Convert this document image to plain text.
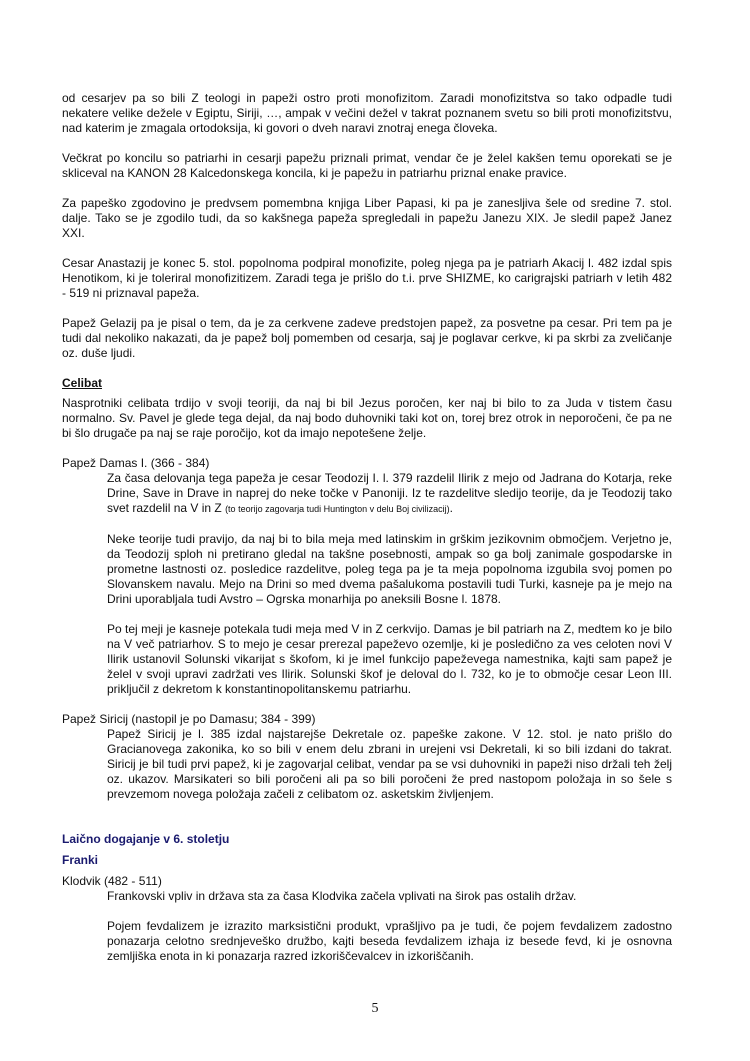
od cesarjev pa so bili Z teologi in papeži ostro proti monofizitom. Zaradi monofizitstva so tako odpadle tudi nekatere velike dežele v Egiptu, Siriji, …, ampak v večini dežel v takrat poznanem svetu so bili proti monofizitstvu, nad katerim je zmagala ortodoksija, ki govori o dveh naravi znotraj enega človeka.

Večkrat po koncilu so patriarhi in cesarji papežu priznali primat, vendar če je želel kakšen temu oporekati se je skliceval na KANON 28 Kalcedonskega koncila, ki je papežu in patriarhu priznal enake pravice.

Za papeško zgodovino je predvsem pomembna knjiga Liber Papasi, ki pa je zanesljiva šele od sredine 7. stol. dalje. Tako se je zgodilo tudi, da so kakšnega papeža spregledali in papežu Janezu XIX. Je sledil papež Janez XXI.

Cesar Anastazij je konec 5. stol. popolnoma podpiral monofizite, poleg njega pa je patriarh Akacij l. 482 izdal spis Henotikom, ki je toleriral monofizitizem. Zaradi tega je prišlo do t.i. prve SHIZME, ko carigrajski patriarh v letih 482 - 519 ni priznaval papeža.

Papež Gelazij pa je pisal o tem, da je za cerkvene zadeve predstojen papež, za posvetne pa cesar. Pri tem pa je tudi dal nekoliko nakazati, da je papež bolj pomemben od cesarja, saj je poglavar cerkve, ki pa skrbi za zveličanje oz. duše ljudi.

Celibat

Nasprotniki celibata trdijo v svoji teoriji, da naj bi bil Jezus poročen, ker naj bi bilo to za Juda v tistem času normalno. Sv. Pavel je glede tega dejal, da naj bodo duhovniki taki kot on, torej brez otrok in neporočeni, če pa ne bi šlo drugače pa naj se raje poročijo, kot da imajo nepotešene želje.

Papež Damas I. (366 - 384)

Za časa delovanja tega papeža je cesar Teodozij I. l. 379 razdelil Ilirik z mejo od Jadrana do Kotarja, reke Drine, Save in Drave in naprej do neke točke v Panoniji. Iz te razdelitve sledijo teorije, da je Teodozij tako svet razdelil na V in Z (to teorijo zagovarja tudi Huntington v delu Boj civilizacij).

Neke teorije tudi pravijo, da naj bi to bila meja med latinskim in grškim jezikovnim območjem. Verjetno je, da Teodozij sploh ni pretirano gledal na takšne posebnosti, ampak so ga bolj zanimale gospodarske in prometne lastnosti oz. posledice razdelitve, poleg tega pa je ta meja popolnoma izgubila svoj pomen po Slovanskem navalu. Mejo na Drini so med dvema pašalukoma postavili tudi Turki, kasneje pa je mejo na Drini uporabljala tudi Avstro – Ogrska monarhija po aneksili Bosne l. 1878.

Po tej meji je kasneje potekala tudi meja med V in Z cerkvijo. Damas je bil patriarh na Z, medtem ko je bilo na V več patriarhov. S to mejo je cesar prerezal papeževo ozemlje, ki je posledično za ves celoten novi V Ilirik ustanovil Solunski vikarijat s škofom, ki je imel funkcijo papeževega namestnika, kajti sam papež je želel v svoji upravi zadržati ves Ilirik. Solunski škof je deloval do l. 732, ko je to območje cesar Leon III. priključil z dekretom k konstantinopolitanskemu patriarhu.

Papež Siricij (nastopil je po Damasu; 384 - 399)

Papež Siricij je l. 385 izdal najstarejše Dekretale oz. papeške zakone. V 12. stol. je nato prišlo do Gracianovega zakonika, ko so bili v enem delu zbrani in urejeni vsi Dekretali, ki so bili izdani do takrat. Siricij je bil tudi prvi papež, ki je zagovarjal celibat, vendar pa se vsi duhovniki in papeži niso držali teh želj oz. ukazov. Marsikateri so bili poročeni ali pa so bili poročeni že pred nastopom položaja in so šele s prevzemom novega položaja začeli z celibatom oz. asketskim življenjem.

Laično dogajanje v 6. stoletju
Franki
Klodvik (482 - 511)

Frankovski vpliv in država sta za časa Klodvika začela vplivati na širok pas ostalih držav.

Pojem fevdalizem je izrazito marksistični produkt, vprašljivo pa je tudi, če pojem fevdalizem zadostno ponazarja celotno srednjeveško družbo, kajti beseda fevdalizem izhaja iz besede fevd, ki je osnovna zemljiška enota in ki ponazarja razred izkoriščevalcev in izkoriščanih.

5
